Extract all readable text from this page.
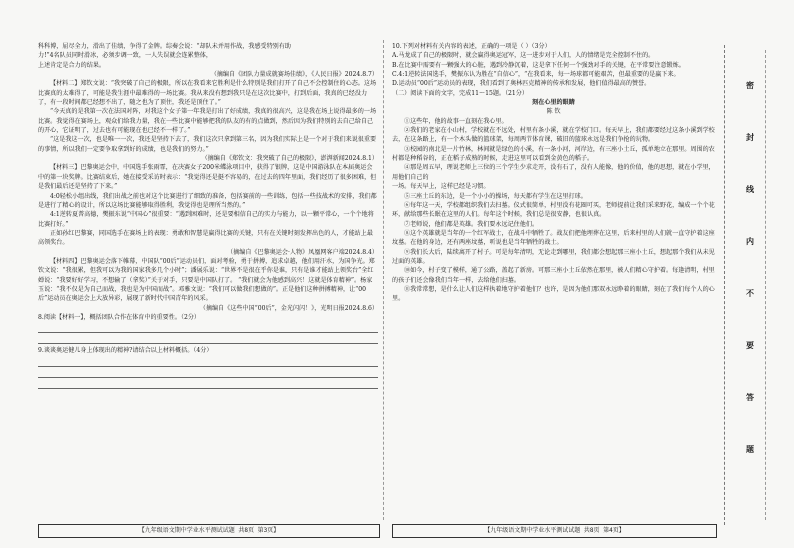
科科博，屈尽全力，滑出了佳绩，争得了金牌。综奏会说：“却队未并用作战，我感受特别有助

力!”4名队员同时滑冰，必须步调一致，一人失误就会连累整体，

上述肯定是合力的结果。

（摘编自《团队力量成就赛场佳绩》，《人民日报》2024.8.7）

【材料二】郑钦文说：“我突破了自己的极限，所以在我看来它胜利是什么特别是我们打开了自己不会控制住的心态。这场比赛真的太难得了，可能是我生涯中最难得的一场比赛。我从来没有想到我只是在这次比赛中，打到后面，我真的已经没力了，有一段时间都已经想不出了，随之也为了顶住，我还是顶住了。”

“今天真的是我第一次在法国对阵，对我这个女子第一年我是打出了好成绩，我真的很高兴，这是我在场上说得最多的一场比赛。我觉得在赛场上，观众们给我力量，我在一些比赛中能够把我的队友的有的点做到，然后因为我们特别的去自己给自己的开心，它证明了，过去也有可能现在也已经不一样了。”

“这是我这一次，也是唯一一次，我还是坚持下去了，我们这次只拿到第三名，因为我们实际上是一个对于我们来说很重要的事情，所以我们一定要争取拿到好的成绩，也是我们的努力。”

（摘编自《郑钦文：我突破了自己的极限》，澎湃新闻2024.8.1）

【材料三】巴黎奥运会中，中国选手张雨霏，在决赛女子200米蝶泳项目中，获得了银牌，这是中国游泳队在本届奥运会中的第一块奖牌。比赛结束后，她在接受采访时表示：“我觉得还是挺不容易的，在过去的四年里面，我们经历了很多困难，但是我们最后还是坚持了下来。”

4:0轻松小组出线，我们出战之前也对这个比赛进行了细致的准备，包括赛前的一些训练，包括一些技战术的安排，我们都是进行了精心的设计，所以这场比赛能够取得胜利，我觉得也是理所当然的。”

4:1逆转夏普高德，樊振东说“中国心”很重要：“遇到困难时，还是要相信自己的实力与能力，以一颗平常心，一个个地将比赛打好。”

正如孙红巴黎赛，同国选手在赛场上的表现：勇敢和智慧是赢得比赛的关键，只有在关键时刻发挥出色的人，才能站上最高领奖台。

（摘编自《巴黎奥运会·人物》凤凰网客户端2024.8.4）

【材料四】巴黎奥运会落下帷幕，中国队“00后”运动员们，面对考验，勇于拼搏，追求卓越，他们用汗水，为国争光。郑钦文说：“我很累，但我可以为我的国家我多几个小时”；潘展乐说：“世界不是很在乎你是谁，只有是谁才能站上领奖台”全红婵说：“我要好好学习，不想输了（拿奖）”关于对手，只要是中国队打了。 “我们就会为他感到高兴！这就是体育精神”。杨家玉说：“我不仅是为自己而战，我也是为中国而战”。邓雅文说：“我们可以做我们想做的”。正是他们这种拼搏精神，让“00后”运动员在奥运会上大放异彩，展现了新时代中国青年的风采。

（摘编自《这些中国“00后”，金光闪闪！》，光明日报2024.8.6）

8.阅读【材料一】，概括团队合作在体育中的重要性。（2分）

9.谈谈奥运健儿身上体现出的精神?请结合以上材料概括。（4分）

10.下列对材料有关内容的表述，正确的一项是（ ）（3分）

A.马龙成了自己的极限时，就会赢得奥运冠军，这一进步对于人们，人的情绪是完全控制不住的。

B.在比赛中需要有一颗强大的心脏，遇到冷静沉着，这是拿下任何一个强劲对手的关键，在平常要注意锻炼。

C.4:1逆转法国选手，樊振东认为胜在“自信心”，“在我看来，每一场球都可能艰苦，但最重要的是赢下来。

D.运动员“00后”运动员的表现，我们看到了奥林匹克精神的传承和发展，他们值得最高的赞誉。

（二）阅读下面的文字，完成11～15题。（21分）

刻在心里的眼睛

陈 钦

①这些年，他的故事一直刻在我心里。

②我们的老家在小山村，学校就在不远处，村里有条小溪，就在学校门口。每天早上，我们都要经过这条小溪到学校去，在这条路上，有一个木头做的篮球架，每周两节体育课，破旧的篮球永远是我们争抢的玩物。

③校园的南北是一片竹林，林间就是绿色的小溪，有一条小河，河岸边，有三座小土丘，孤单地立在那里。周围的农村都是种稻谷的，正在稻子成熟的时候，走进这里可以看到金黄色的稻子。

④那是周五早，理说老师上三位的三个学生少求走开，没有石了，没有人能像，他的价值，他的思想，就在小学里，用他们自己的

一场。每天早上，这样已经是习惯。

⑤三座土丘的东边，是一个小小的操场，每天都有学生在这里打球。

⑥每年这一天，学校都组织我们去扫墓。仪式很简单，村里没有花圈可买，老师提前让我们采来野花，编成一个个花环，献给那些长眠在这里的人们。每年这个时候，我们总是很安静，也很认真。

⑦老师说，他们都是英雄。我们要永远记住他们。

⑧这个英雄就是当年的一个红军战士，在战斗中牺牲了。战友们把他埋葬在这里，后来村里的人们就一直守护着这座坟墓。在他的身边，还有两座坟墓，听说也是当年牺牲的战士。

⑨我们长大后，陆续离开了村子。可是每年清明，无论走到哪里，我们都会想起那三座小土丘，想起那个我们从未见过面的英雄。

⑩如今，村子变了模样，通了公路，盖起了新房。可那三座小土丘依然在那里，被人们精心守护着。每逢清明，村里的孩子们还会像我们当年一样，去给他们扫墓。

⑪我常常想，是什么让人们这样执着地守护着他们？也许，是因为他们那双永远睁着的眼睛，刻在了我们每个人的心里。

密
封
线
内
不
要
答
题
【九年级语文期中学业水平测试试题 共8页 第3页】	【九年级语文期中学业水平测试试题 共8页 第4页】
